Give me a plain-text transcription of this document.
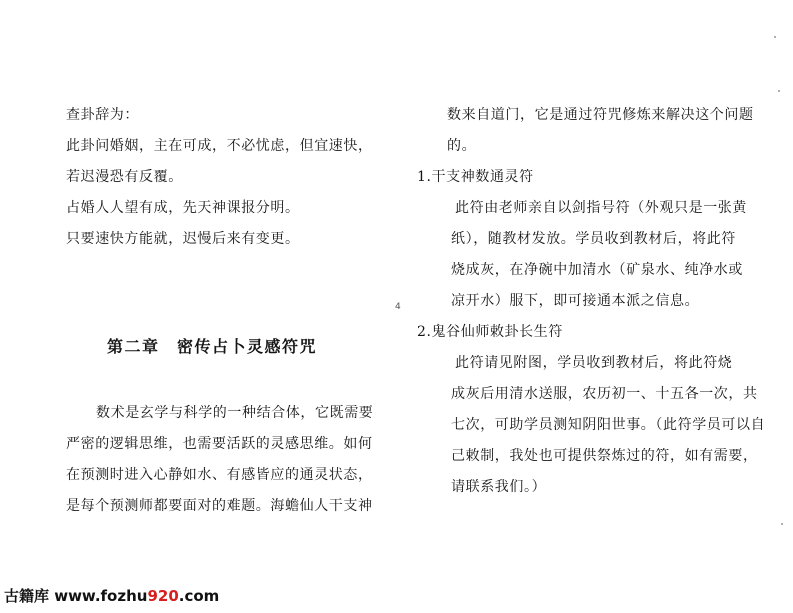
查卦辞为：
此卦问婚姻，主在可成，不必忧虑，但宜速快，
若迟漫恐有反覆。
占婚人人望有成，先天神课报分明。
只要速快方能就，迟慢后来有变更。
第二章　密传占卜灵感符咒
数术是玄学与科学的一种结合体，它既需要
严密的逻辑思维，也需要活跃的灵感思维。如何
在预测时进入心静如水、有感皆应的通灵状态，
是每个预测师都要面对的难题。海蟾仙人干支神
4
数来自道门，它是通过符咒修炼来解决这个问题
的。
1.干支神数通灵符
此符由老师亲自以剑指号符（外观只是一张黄
纸），随教材发放。学员收到教材后，将此符
烧成灰，在净碗中加清水（矿泉水、纯净水或
凉开水）服下，即可接通本派之信息。
2.鬼谷仙师敕卦长生符
此符请见附图，学员收到教材后，将此符烧
成灰后用清水送服，农历初一、十五各一次，共
七次，可助学员测知阴阳世事。（此符学员可以自
己敕制，我处也可提供祭炼过的符，如有需要，
请联系我们。）
古籍库 www.fozhu920.com
